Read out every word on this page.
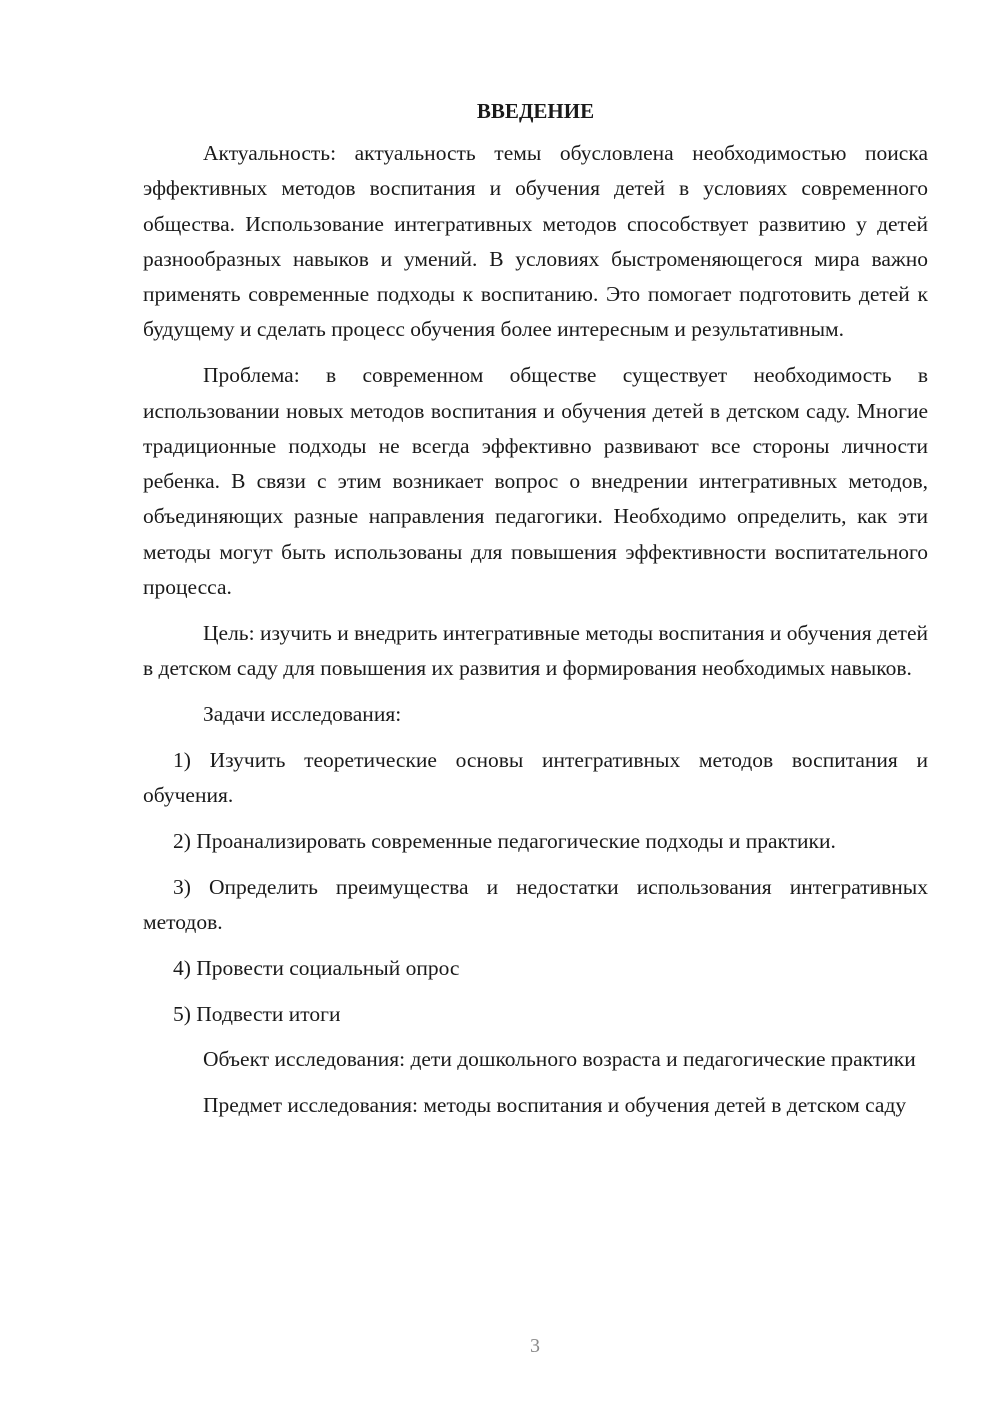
ВВЕДЕНИЕ

Актуальность: актуальность темы обусловлена необходимостью поиска эффективных методов воспитания и обучения детей в условиях современного общества. Использование интегративных методов способствует развитию у детей разнообразных навыков и умений. В условиях быстроменяющегося мира важно применять современные подходы к воспитанию. Это помогает подготовить детей к будущему и сделать процесс обучения более интересным и результативным.

Проблема: в современном обществе существует необходимость в использовании новых методов воспитания и обучения детей в детском саду. Многие традиционные подходы не всегда эффективно развивают все стороны личности ребенка. В связи с этим возникает вопрос о внедрении интегративных методов, объединяющих разные направления педагогики. Необходимо определить, как эти методы могут быть использованы для повышения эффективности воспитательного процесса.

Цель: изучить и внедрить интегративные методы воспитания и обучения детей в детском саду для повышения их развития и формирования необходимых навыков.

Задачи исследования:

1) Изучить теоретические основы интегративных методов воспитания и обучения.

2) Проанализировать современные педагогические подходы и практики.

3) Определить преимущества и недостатки использования интегративных методов.

4) Провести социальный опрос

5) Подвести итоги

Объект исследования: дети дошкольного возраста и педагогические практики

Предмет исследования: методы воспитания и обучения детей в детском саду

3
